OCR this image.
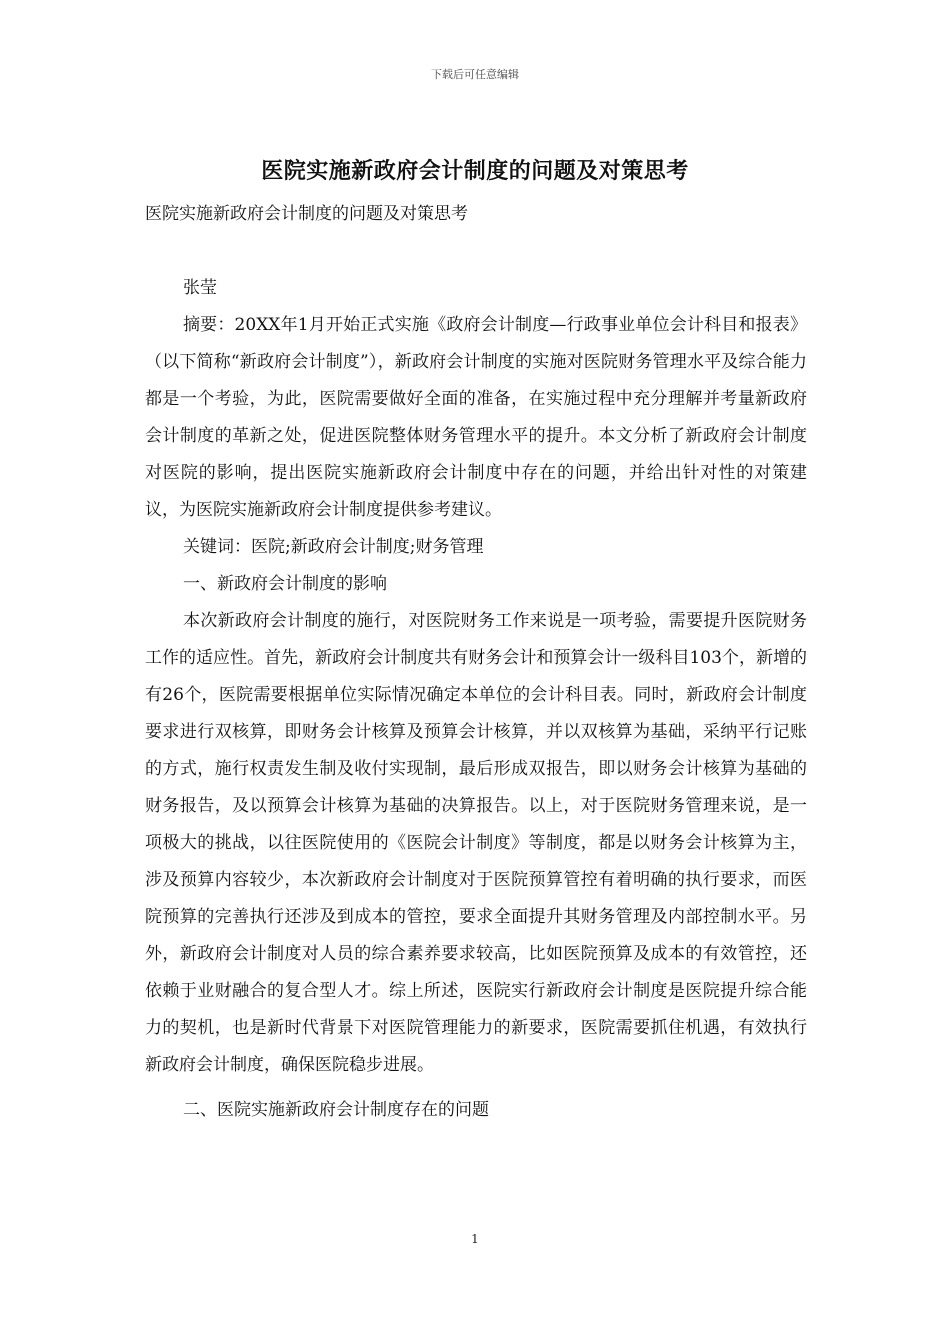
下载后可任意编辑
医院实施新政府会计制度的问题及对策思考

医院实施新政府会计制度的问题及对策思考

张莹

摘要：20XX年1月开始正式实施《政府会计制度—行政事业单位会计科目和报表》（以下简称“新政府会计制度”），新政府会计制度的实施对医院财务管理水平及综合能力都是一个考验，为此，医院需要做好全面的准备，在实施过程中充分理解并考量新政府会计制度的革新之处，促进医院整体财务管理水平的提升。本文分析了新政府会计制度对医院的影响，提出医院实施新政府会计制度中存在的问题，并给出针对性的对策建议，为医院实施新政府会计制度提供参考建议。

关键词：医院;新政府会计制度;财务管理

一、新政府会计制度的影响

本次新政府会计制度的施行，对医院财务工作来说是一项考验，需要提升医院财务工作的适应性。首先，新政府会计制度共有财务会计和预算会计一级科目103个，新增的有26个，医院需要根据单位实际情况确定本单位的会计科目表。同时，新政府会计制度要求进行双核算，即财务会计核算及预算会计核算，并以双核算为基础，采纳平行记账的方式，施行权责发生制及收付实现制，最后形成双报告，即以财务会计核算为基础的财务报告，及以预算会计核算为基础的决算报告。以上，对于医院财务管理来说，是一项极大的挑战，以往医院使用的《医院会计制度》等制度，都是以财务会计核算为主，涉及预算内容较少，本次新政府会计制度对于医院预算管控有着明确的执行要求，而医院预算的完善执行还涉及到成本的管控，要求全面提升其财务管理及内部控制水平。另外，新政府会计制度对人员的综合素养要求较高，比如医院预算及成本的有效管控，还依赖于业财融合的复合型人才。综上所述，医院实行新政府会计制度是医院提升综合能力的契机，也是新时代背景下对医院管理能力的新要求，医院需要抓住机遇，有效执行新政府会计制度，确保医院稳步进展。

二、医院实施新政府会计制度存在的问题

1
